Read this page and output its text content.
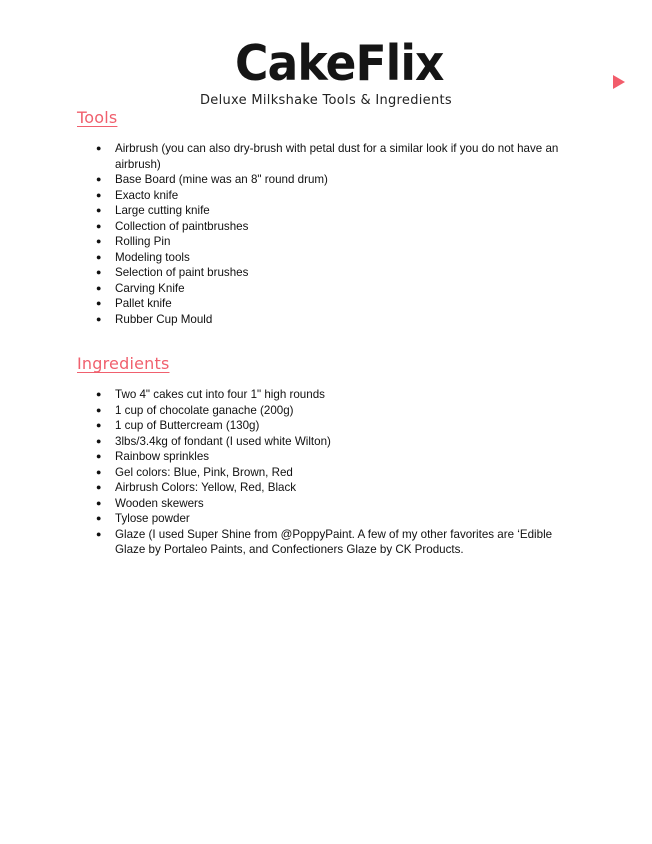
CakeFlix
Deluxe Milkshake Tools & Ingredients
Tools
● Airbrush (you can also dry-brush with petal dust for a similar look if you do not have an airbrush)
● Base Board (mine was an 8" round drum)
● Exacto knife
● Large cutting knife
● Collection of paintbrushes
● Rolling Pin
● Modeling tools
● Selection of paint brushes
● Carving Knife
● Pallet knife
● Rubber Cup Mould
Ingredients
● Two 4" cakes cut into four 1" high rounds
● 1 cup of chocolate ganache (200g)
● 1 cup of Buttercream (130g)
● 3lbs/3.4kg of fondant (I used white Wilton)
● Rainbow sprinkles
● Gel colors: Blue, Pink, Brown, Red
● Airbrush Colors: Yellow, Red, Black
● Wooden skewers
● Tylose powder
● Glaze (I used Super Shine from @PoppyPaint. A few of my other favorites are ‘Edible Glaze by Portaleo Paints, and Confectioners Glaze by CK Products.
